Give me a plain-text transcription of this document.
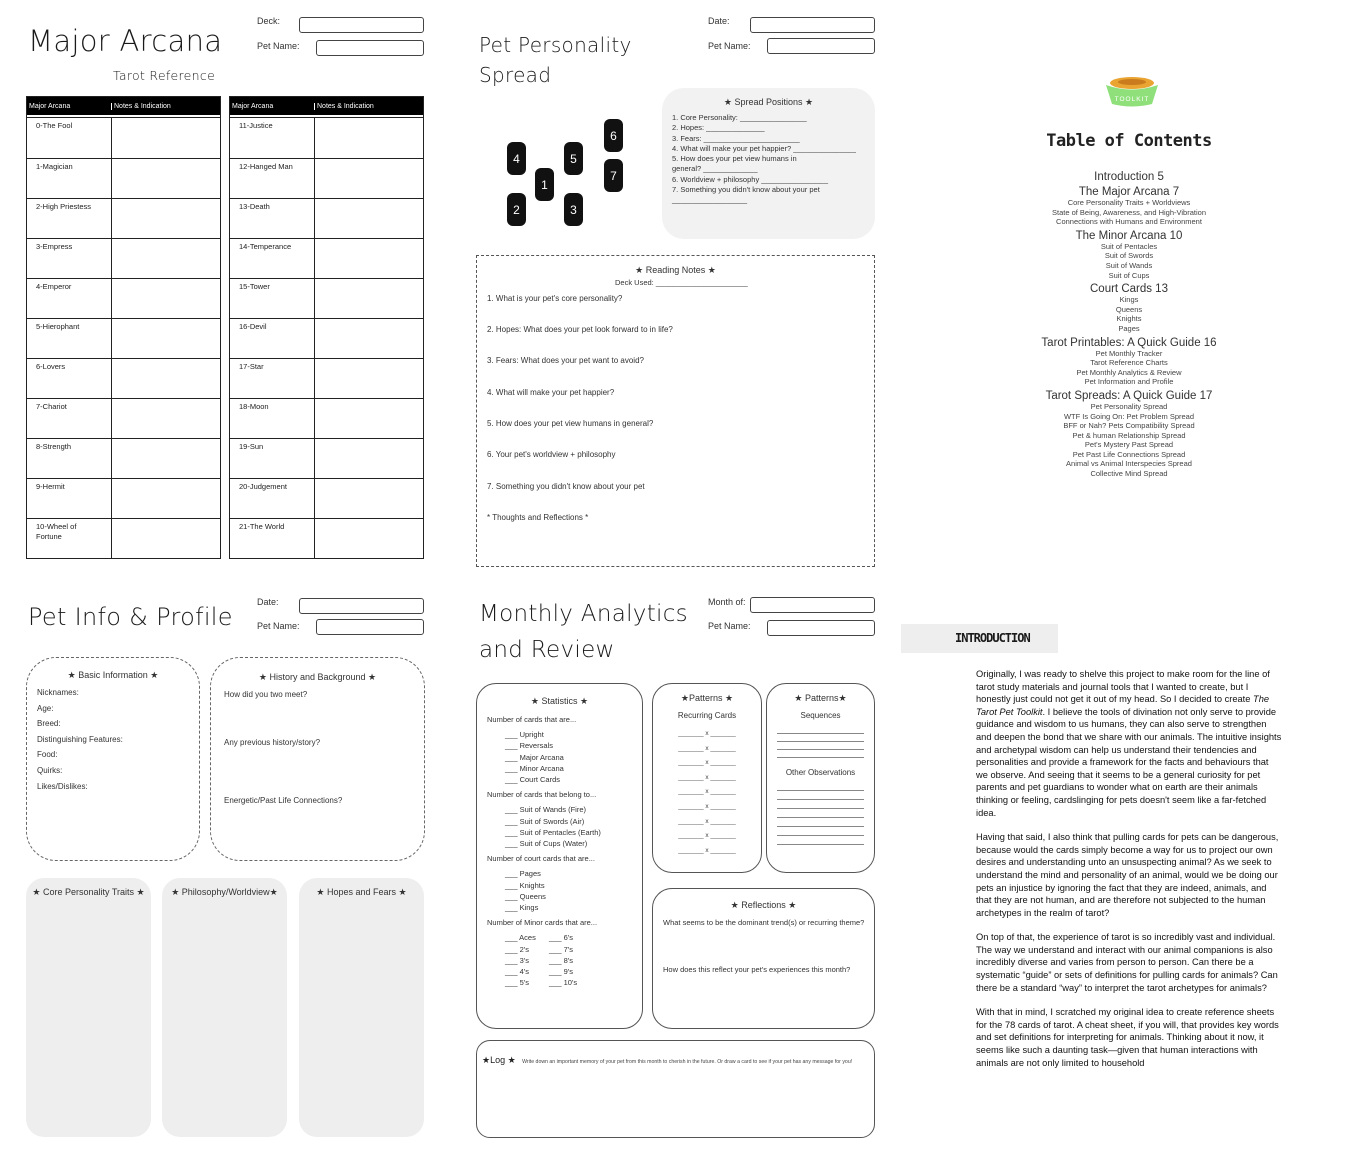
Major Arcana
Tarot Reference
Deck:
Pet Name:
Major Arcana	Notes & Indication
0-The Fool
1-Magician
2-High Priestess
3-Empress
4-Emperor
5-Hierophant
6-Lovers
7-Chariot
8-Strength
9-Hermit
10-Wheel of Fortune
Major Arcana	Notes & Indication
11-Justice
12-Hanged Man
13-Death
14-Temperance
15-Tower
16-Devil
17-Star
18-Moon
19-Sun
20-Judgement
21-The World
Pet Personality
Spread
Date:
Pet Name:
4	5
6
1
7
2	3
★ Spread Positions ★
1. Core Personality: ________________
2. Hopes: ______________
3. Fears: _______________________
4. What will make your pet happier? _______________
5. How does your pet view humans in
general? _____________
6. Worldview + philosophy ________________
7. Something you didn't know about your pet __________________
★ Reading Notes ★
Deck Used: ______________________
1. What is your pet's core personality?
2. Hopes: What does your pet look forward to in life?
3. Fears: What does your pet want to avoid?
4. What will make your pet happier?
5. How does your pet view humans in general?
6. Your pet's worldview + philosophy
7. Something you didn't know about your pet
* Thoughts and Reflections *
TOOLKIT
Table of Contents
Introduction 5
The Major Arcana 7
Core Personality Traits + Worldviews
State of Being, Awareness, and High-Vibration
Connections with Humans and Environment
The Minor Arcana 10
Suit of Pentacles
Suit of Swords
Suit of Wands
Suit of Cups
Court Cards 13
Kings
Queens
Knights
Pages
Tarot Printables: A Quick Guide 16
Pet Monthly Tracker
Tarot Reference Charts
Pet Monthly Analytics & Review
Pet Information and Profile
Tarot Spreads: A Quick Guide 17
Pet Personality Spread
WTF Is Going On: Pet Problem Spread
BFF or Nah? Pets Compatibility Spread
Pet & human Relationship Spread
Pet's Mystery Past Spread
Pet Past Life Connections Spread
Animal vs Animal Interspecies Spread
Collective Mind Spread
Pet Info & Profile
Date:
Pet Name:
★ Basic Information ★
Nicknames:
Age:
Breed:
Distinguishing Features:
Food:
Quirks:
Likes/Dislikes:
★ History and Background ★
How did you two meet?
Any previous history/story?
Energetic/Past Life Connections?
★ Core Personality Traits ★	★ Philosophy/Worldview★	★ Hopes and Fears ★
Monthly Analytics
and Review
Month of:
Pet Name:
★ Statistics ★
Number of cards that are...
___ Upright
___ Reversals
___ Major Arcana
___ Minor Arcana
___ Court Cards
Number of cards that belong to...
___ Suit of Wands (Fire)
___ Suit of Swords (Air)
___ Suit of Pentacles (Earth)
___ Suit of Cups (Water)
Number of court cards that are...
___ Pages
___ Knights
___ Queens
___ Kings
Number of Minor cards that are...
___ Aces
___ 2's
___ 3's
___ 4's
___ 5's
___ 6's
___ 7's
___ 8's
___ 9's
___ 10's
★Patterns ★
Recurring Cards
_______ x _______
_______ x _______
_______ x _______
_______ x _______
_______ x _______
_______ x _______
_______ x _______
_______ x _______
_______ x _______
★ Patterns★
Sequences
Other Observations
★ Reflections ★
What seems to be the dominant trend(s) or recurring theme?
How does this reflect your pet's experiences this month?
★Log ★ Write down an important memory of your pet from this month to cherish in the future. Or draw a card to see if your pet has any message for you!
INTRODUCTION

Originally, I was ready to shelve this project to make room for the line of tarot study materials and journal tools that I wanted to create, but I honestly just could not get it out of my head. So I decided to create The Tarot Pet Toolkit. I believe the tools of divination not only serve to provide guidance and wisdom to us humans, they can also serve to strengthen and deepen the bond that we share with our animals. The intuitive insights and archetypal wisdom can help us understand their tendencies and personalities and provide a framework for the facts and behaviours that we observe. And seeing that it seems to be a general curiosity for pet parents and pet guardians to wonder what on earth are their animals thinking or feeling, cardslinging for pets doesn't seem like a far-fetched idea.

Having that said, I also think that pulling cards for pets can be dangerous, because would the cards simply become a way for us to project our own desires and understanding unto an unsuspecting animal? As we seek to understand the mind and personality of an animal, would we be doing our pets an injustice by ignoring the fact that they are indeed, animals, and that they are not human, and are therefore not subjected to the human archetypes in the realm of tarot?

On top of that, the experience of tarot is so incredibly vast and individual. The way we understand and interact with our animal companions is also incredibly diverse and varies from person to person. Can there be a systematic “guide” or sets of definitions for pulling cards for animals? Can there be a standard “way” to interpret the tarot archetypes for animals?

With that in mind, I scratched my original idea to create reference sheets for the 78 cards of tarot. A cheat sheet, if you will, that provides key words and set definitions for interpreting for animals. Thinking about it now, it seems like such a daunting task—given that human interactions with animals are not only limited to household
